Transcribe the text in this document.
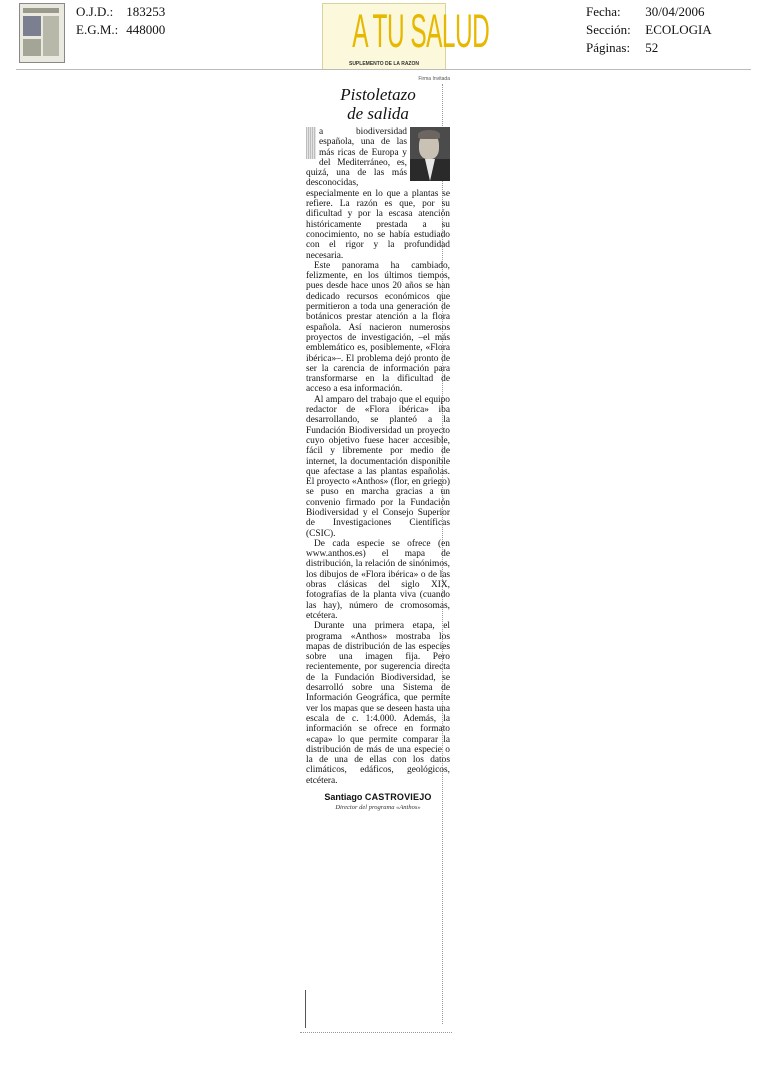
O.J.D.: 183253
E.G.M.: 448000	A TU SALUD
SUPLEMENTO DE LA RAZÓN
Fecha: 30/04/2006
Sección: ECOLOGIA
Páginas: 52
Firma Invitada
Pistoletazo
de salida

a biodiversidad española, una de las más ricas de Europa y del Mediterráneo, es, quizá, una de las más desconocidas, especialmente en lo que a plantas se refiere. La razón es que, por su dificultad y por la escasa atención históricamente prestada a su conocimiento, no se había estudiado con el rigor y la profundidad necesaria.

Este panorama ha cambiado, felizmente, en los últimos tiempos, pues desde hace unos 20 años se han dedicado recursos económicos que permitieron a toda una generación de botánicos prestar atención a la flora española. Así nacieron numerosos proyectos de investigación, –el más emblemático es, posiblemente, «Flora ibérica»–. El problema dejó pronto de ser la carencia de información para transformarse en la dificultad de acceso a esa información.

Al amparo del trabajo que el equipo redactor de «Flora ibérica» iba desarrollando, se planteó a la Fundación Biodiversidad un proyecto cuyo objetivo fuese hacer accesible, fácil y libremente por medio de internet, la documentación disponible que afectase a las plantas españolas. El proyecto «Anthos» (flor, en griego) se puso en marcha gracias a un convenio firmado por la Fundación Biodiversidad y el Consejo Superior de Investigaciones Científicas (CSIC).

De cada especie se ofrece (en www.anthos.es) el mapa de distribución, la relación de sinónimos, los dibujos de «Flora ibérica» o de las obras clásicas del siglo XIX, fotografías de la planta viva (cuando las hay), número de cromosomas, etcétera.

Durante una primera etapa, el programa «Anthos» mostraba los mapas de distribución de las especies sobre una imagen fija. Pero recientemente, por sugerencia directa de la Fundación Biodiversidad, se desarrolló sobre una Sistema de Información Geográfica, que permite ver los mapas que se deseen hasta una escala de c. 1:4.000. Además, la información se ofrece en formato «capa» lo que permite comparar la distribución de más de una especie o la de una de ellas con los datos climáticos, edáficos, geológicos, etcétera.

Santiago CASTROVIEJO
Director del programa «Anthos»
